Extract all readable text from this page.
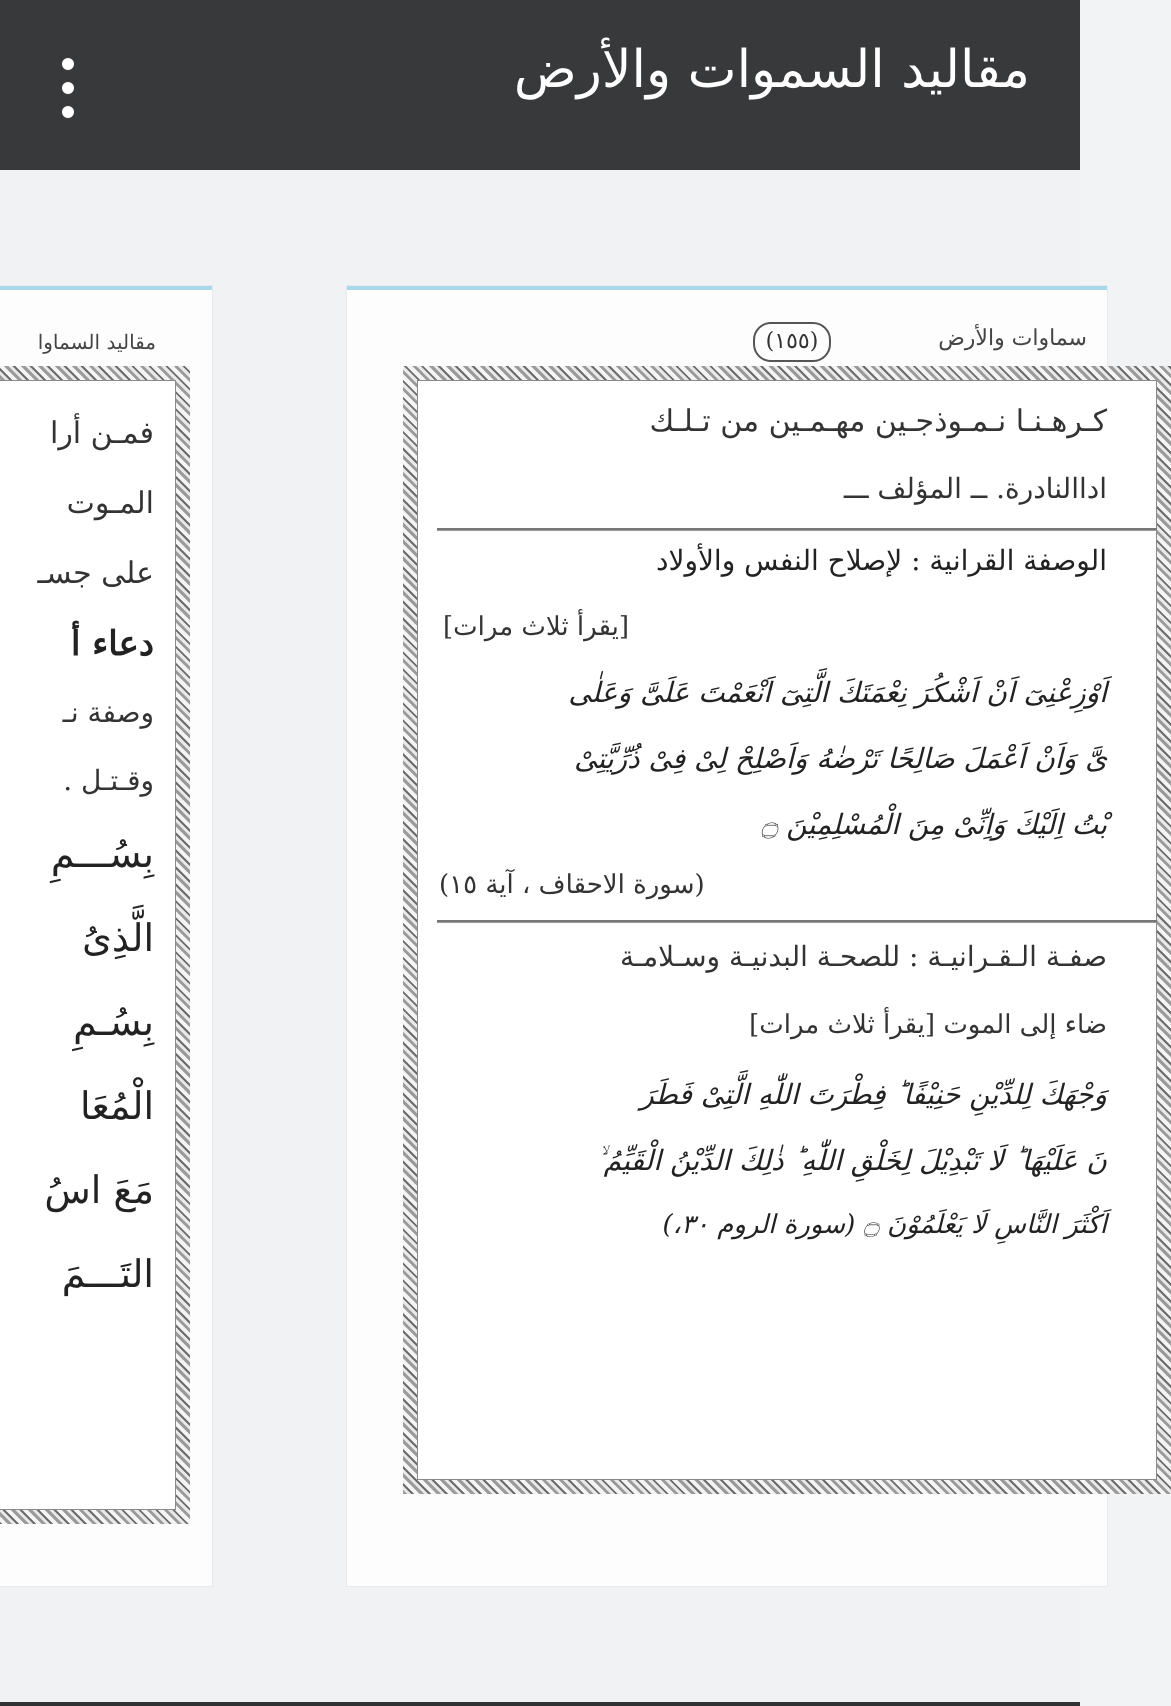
مقاليد السموات والأرض
مقاليد السماوا
فمـن أرا
المـوت
على جسـ
دعاء أ
وصفة نـ
وقـتـل .
بِسُـــمِ
الَّذِیُ
بِسُـمِ
الْمُعَا
مَعَ اسُ
التَـــمَ
سماوات والأرض
(١٥٥)
كـرهـنـا نـمـوذجـين مهـمـين من تـلـك
اداالنادرة. ــ المؤلف ـــ
الوصفة القرانية : لإصلاح النفس والأولاد
[يقرأ ثلاث مرات]
اَوْزِعْنِیٓ اَنْ اَشْكُرَ نِعْمَتَكَ الَّتِیٓ اَنْعَمْتَ عَلَیَّ وَعَلٰی
یَّ وَاَنْ اَعْمَلَ صَالِحًا تَرْضٰهُ وَاَصْلِحْ لِیْ فِیْ ذُرِّیَّتِیْ
بْتُ اِلَیْكَ وَاِنِّیْ مِنَ الْمُسْلِمِیْنَ ۝
(سورة الاحقاف ، آية ١٥)
صفـة الـقـرانيـة : للصحـة البدنيـة وسـلامـة
ضاء إلى الموت [يقرأ ثلاث مرات]
وَجْهَكَ لِلدِّیْنِ حَنِیْفًا ؕ فِطْرَتَ اللّٰهِ الَّتِیْ فَطَرَ
نَ عَلَیْهَا ؕ لَا تَبْدِیْلَ لِخَلْقِ اللّٰهِ ؕ ذٰلِكَ الدِّیْنُ الْقَیِّمُ ۙ
اَكْثَرَ النَّاسِ لَا یَعْلَمُوْنَ ۝ (سورة الروم ٣٠،)
